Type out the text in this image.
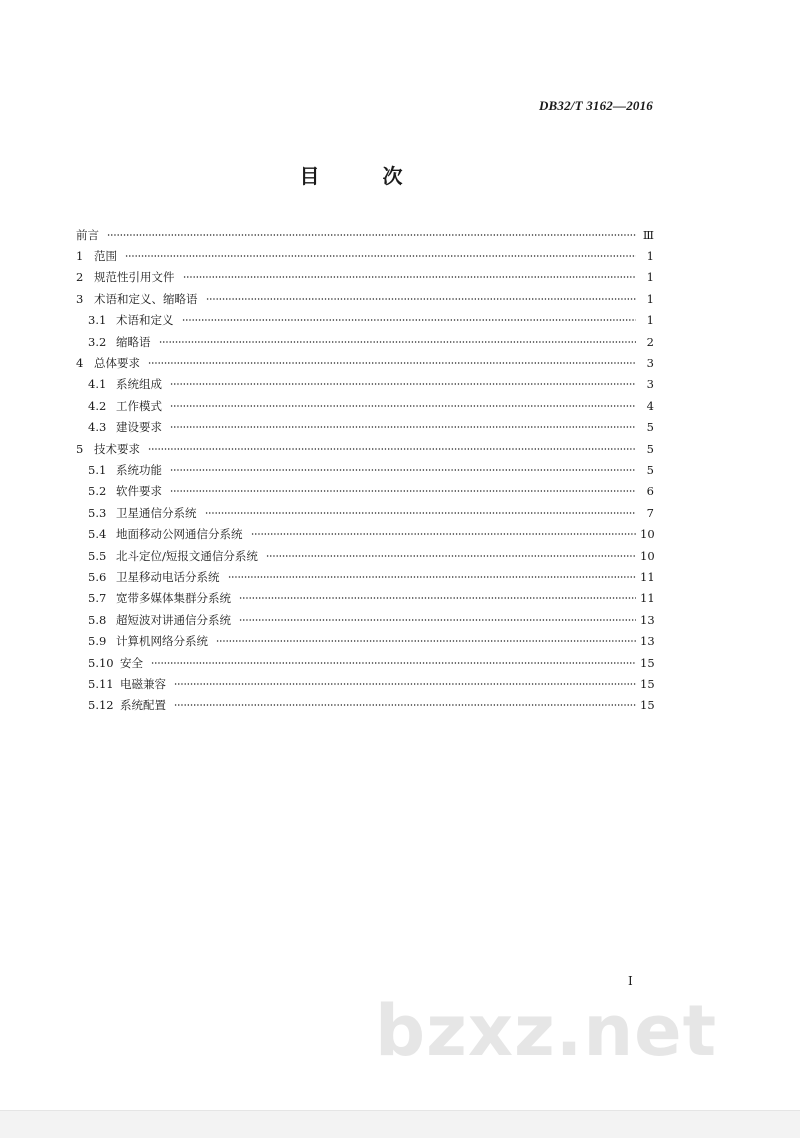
DB32/T 3162—2016
目 次
前言	Ⅲ
1 范围	1
2 规范性引用文件	1
3 术语和定义、缩略语	1
3.1 术语和定义	1
3.2 缩略语	2
4 总体要求	3
4.1 系统组成	3
4.2 工作模式	4
4.3 建设要求	5
5 技术要求	5
5.1 系统功能	5
5.2 软件要求	6
5.3 卫星通信分系统	7
5.4 地面移动公网通信分系统	10
5.5 北斗定位/短报文通信分系统	10
5.6 卫星移动电话分系统	11
5.7 宽带多媒体集群分系统	11
5.8 超短波对讲通信分系统	13
5.9 计算机网络分系统	13
5.10 安全	15
5.11 电磁兼容	15
5.12 系统配置	15
I
bzxz.net
